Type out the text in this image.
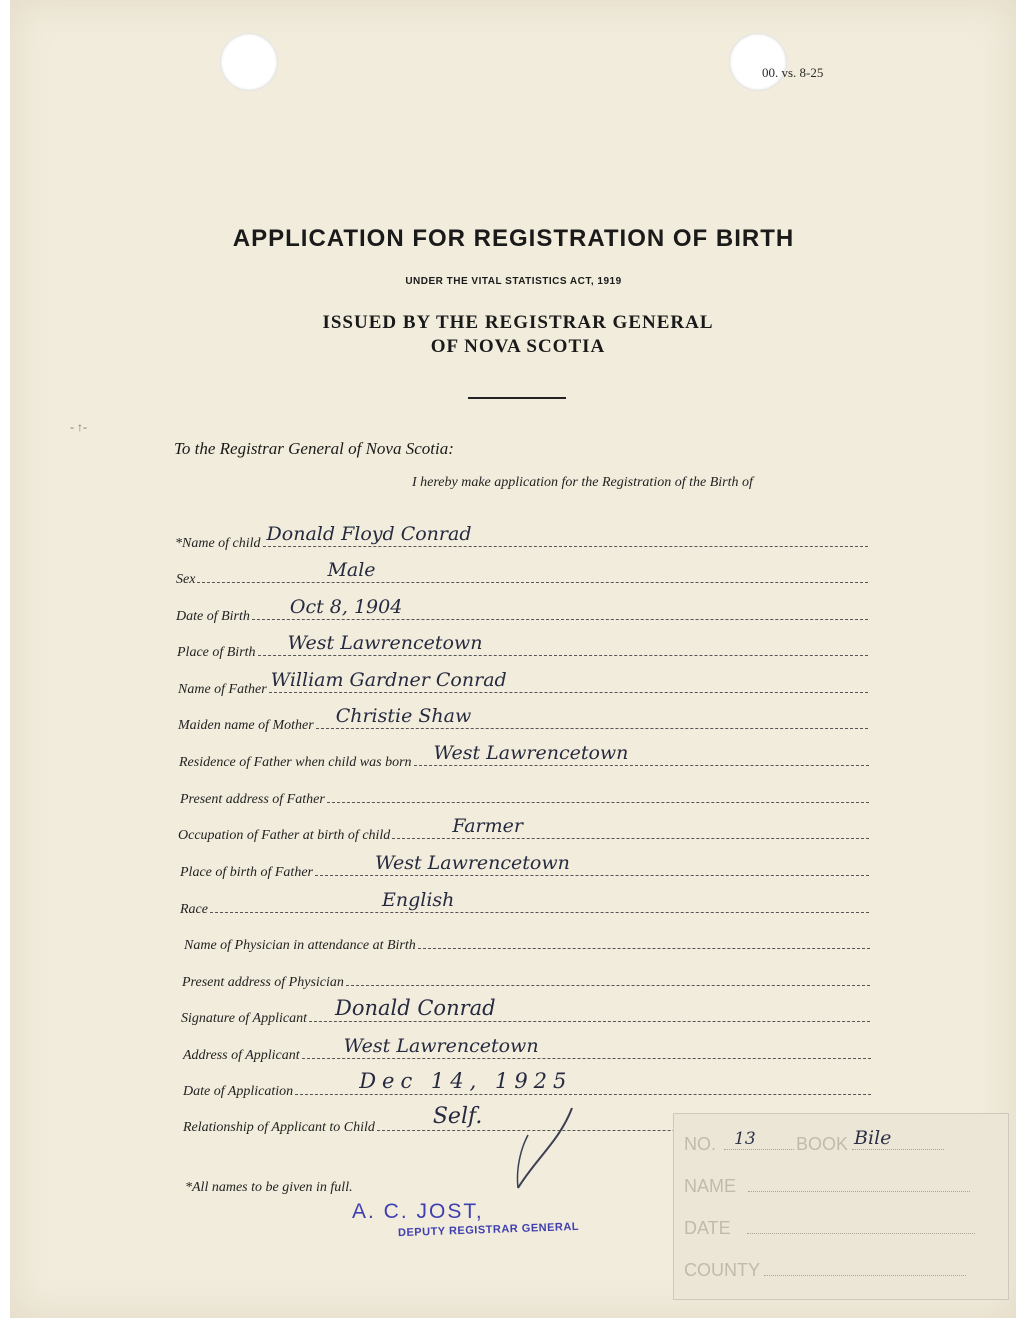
- ↑-
00. vs. 8-25
APPLICATION FOR REGISTRATION OF BIRTH
UNDER THE VITAL STATISTICS ACT, 1919
ISSUED BY THE REGISTRAR GENERAL
OF NOVA SCOTIA
To the Registrar General of Nova Scotia:
I hereby make application for the Registration of the Birth of
*Name of child Donald Floyd Conrad
Sex	Male
Date of Birth Oct 8, 1904
Place of Birth West Lawrencetown
Name of Father William Gardner Conrad
Maiden name of Mother Christie Shaw
Residence of Father when child was born West Lawrencetown
Present address of Father
Occupation of Father at birth of child	Farmer
Place of birth of Father	West Lawrencetown
Race	English
Name of Physician in attendance at Birth
Present address of Physician
Signature of Applicant Donald Conrad
Address of Applicant West Lawrencetown
Date of Application	Dec 14, 1925
Relationship of Applicant to Child	Self.
*All names to be given in full.
A. C. JOST,
DEPUTY REGISTRAR GENERAL
NO. 13 BOOK Bile
NAME
DATE
COUNTY
